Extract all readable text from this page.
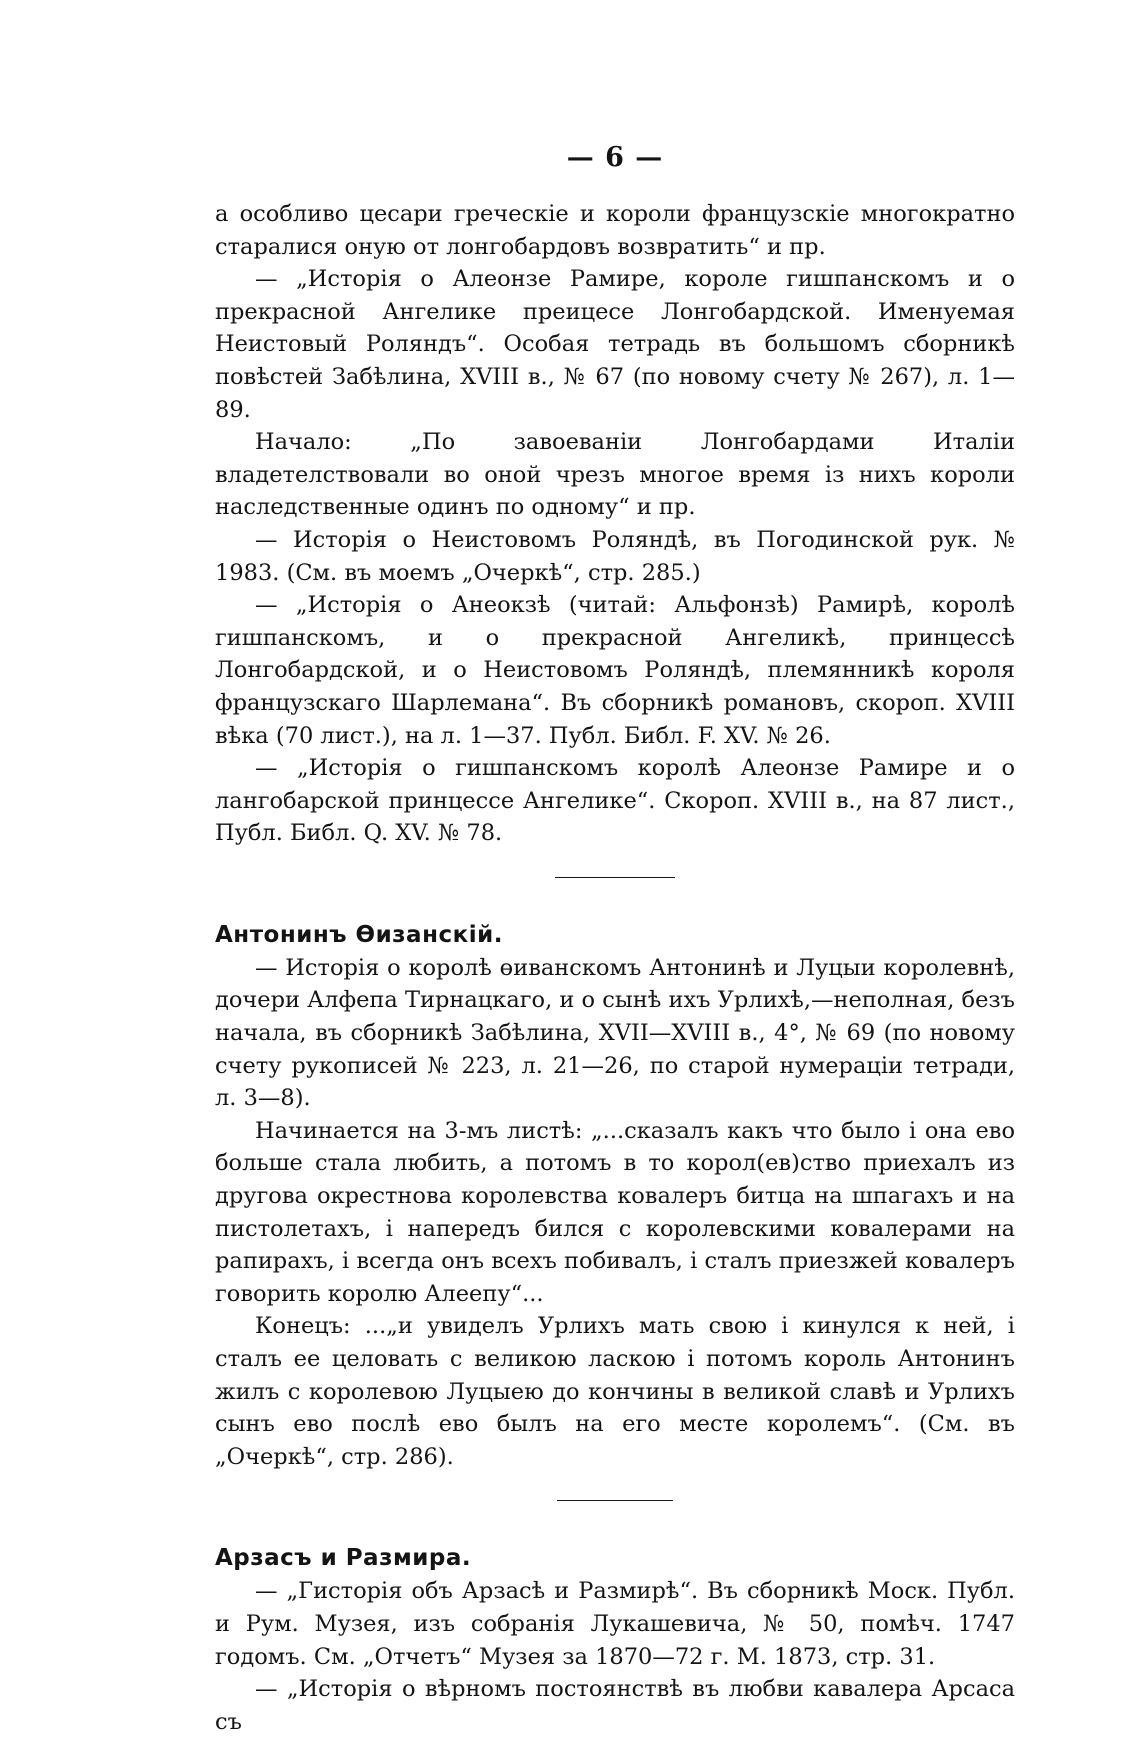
— 6 —

а особливо цесари греческіе и короли французскіе многократно старалися оную от лонгобардовъ возвратить“ и пр.

— „Исторія о Алеонзе Рамире, короле гишпанскомъ и о прекрасной Ангелике преицесе Лонгобардской. Именуемая Неистовый Роляндъ“. Особая тетрадь въ большомъ сборникѣ повѣстей Забѣлина, XVIII в., № 67 (по новому счету № 267), л. 1—89.

Начало: „По завоеваніи Лонгобардами Италіи владетелствовали во оной чрезъ многое время із нихъ короли наследственные одинъ по одному“ и пр.

— Исторія о Неистовомъ Роляндѣ, въ Погодинской рук. № 1983. (См. въ моемъ „Очеркѣ“, стр. 285.)

— „Исторія о Анеокзѣ (читай: Альфонзѣ) Рамирѣ, королѣ гишпанскомъ, и о прекрасной Ангеликѣ, принцессѣ Лонгобардской, и о Неистовомъ Роляндѣ, племянникѣ короля французскаго Шарлемана“. Въ сборникѣ романовъ, скороп. XVIII вѣка (70 лист.), на л. 1—37. Публ. Библ. F. XV. № 26.

— „Исторія о гишпанскомъ королѣ Алеонзе Рамире и о лангобарской принцессе Ангелике“. Скороп. XVIII в., на 87 лист., Публ. Библ. Q. XV. № 78.

Антонинъ Өизанскій.

— Исторія о королѣ өиванскомъ Антонинѣ и Луцыи королевнѣ, дочери Алфепа Тирнацкаго, и о сынѣ ихъ Урлихѣ,—неполная, безъ начала, въ сборникѣ Забѣлина, XVII—XVIII в., 4°, № 69 (по новому счету рукописей № 223, л. 21—26, по старой нумераціи тетради, л. 3—8).

Начинается на 3-мъ листѣ: „...сказалъ какъ что было і она ево больше стала любить, а потомъ в то корол(ев)ство приехалъ из другова окрестнова королевства ковалеръ битца на шпагахъ и на пистолетахъ, і напередъ бился с королевскими ковалерами на рапирахъ, і всегда онъ всехъ побивалъ, і сталъ приезжей ковалеръ говорить королю Алеепу“...

Конецъ: ...„и увиделъ Урлихъ мать свою і кинулся к ней, і сталъ ее целовать с великою ласкою і потомъ король Антонинъ жилъ с королевою Луцыею до кончины в великой славѣ и Урлихъ сынъ ево послѣ ево былъ на его месте королемъ“. (См. въ „Очеркѣ“, стр. 286).

Арзасъ и Размира.

— „Гисторія объ Арзасѣ и Размирѣ“. Въ сборникѣ Моск. Публ. и Рум. Музея, изъ собранія Лукашевича, № 50, помѣч. 1747 годомъ. См. „Отчетъ“ Музея за 1870—72 г. М. 1873, стр. 31.

— „Исторія о вѣрномъ постоянствѣ въ любви кавалера Арсаса съ
